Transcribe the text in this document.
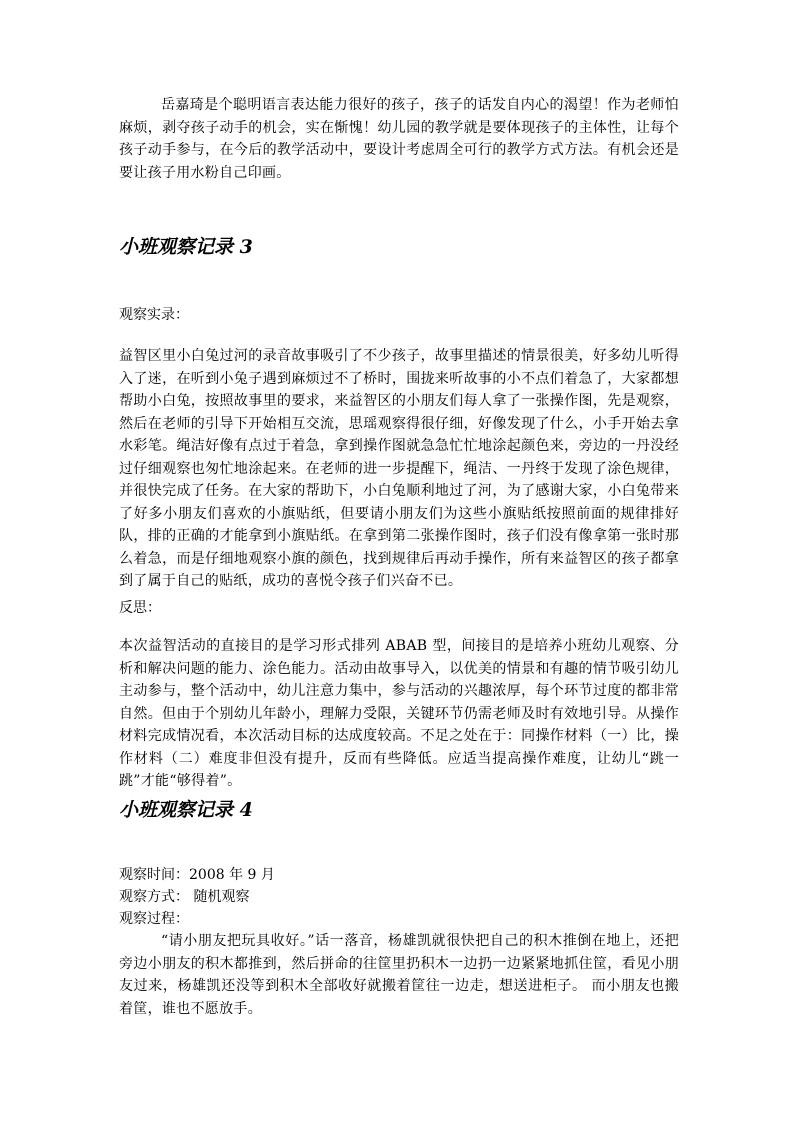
岳嘉琦是个聪明语言表达能力很好的孩子，孩子的话发自内心的渴望！作为老师怕麻烦，剥夺孩子动手的机会，实在惭愧！幼儿园的教学就是要体现孩子的主体性，让每个孩子动手参与，在今后的教学活动中，要设计考虑周全可行的教学方式方法。有机会还是要让孩子用水粉自己印画。

小班观察记录 3

观察实录：

益智区里小白兔过河的录音故事吸引了不少孩子，故事里描述的情景很美，好多幼儿听得入了迷，在听到小兔子遇到麻烦过不了桥时，围拢来听故事的小不点们着急了，大家都想帮助小白兔，按照故事里的要求，来益智区的小朋友们每人拿了一张操作图，先是观察，然后在老师的引导下开始相互交流，思瑶观察得很仔细，好像发现了什么，小手开始去拿水彩笔。绳洁好像有点过于着急，拿到操作图就急急忙忙地涂起颜色来，旁边的一丹没经过仔细观察也匆忙地涂起来。在老师的进一步提醒下，绳洁、一丹终于发现了涂色规律，并很快完成了任务。在大家的帮助下，小白兔顺利地过了河，为了感谢大家，小白兔带来了好多小朋友们喜欢的小旗贴纸，但要请小朋友们为这些小旗贴纸按照前面的规律排好队，排的正确的才能拿到小旗贴纸。在拿到第二张操作图时，孩子们没有像拿第一张时那么着急，而是仔细地观察小旗的颜色，找到规律后再动手操作，所有来益智区的孩子都拿到了属于自己的贴纸，成功的喜悦令孩子们兴奋不已。

反思：

本次益智活动的直接目的是学习形式排列 ABAB 型，间接目的是培养小班幼儿观察、分析和解决问题的能力、涂色能力。活动由故事导入，以优美的情景和有趣的情节吸引幼儿主动参与，整个活动中，幼儿注意力集中，参与活动的兴趣浓厚，每个环节过度的都非常自然。但由于个别幼儿年龄小，理解力受限，关键环节仍需老师及时有效地引导。从操作材料完成情况看，本次活动目标的达成度较高。不足之处在于：同操作材料（一）比，操作材料（二）难度非但没有提升，反而有些降低。应适当提高操作难度，让幼儿“跳一跳”才能“够得着”。

小班观察记录 4

观察时间：2008 年 9 月

观察方式： 随机观察

观察过程：

“请小朋友把玩具收好。”话一落音，杨雄凯就很快把自己的积木推倒在地上，还把旁边小朋友的积木都推到，然后拼命的往筐里扔积木一边扔一边紧紧地抓住筐，看见小朋友过来，杨雄凯还没等到积木全部收好就搬着筐往一边走，想送进柜子。 而小朋友也搬着筐，谁也不愿放手。
